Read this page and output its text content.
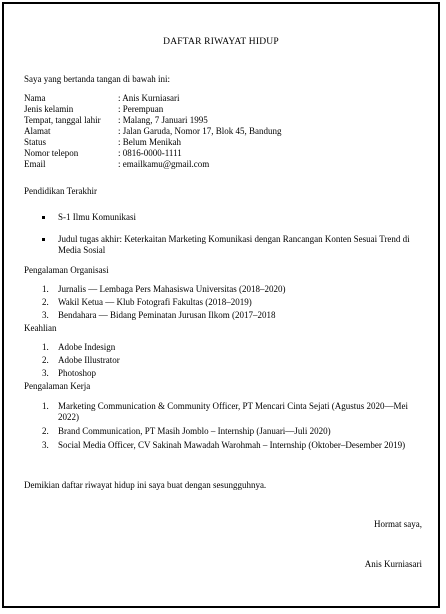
DAFTAR RIWAYAT HIDUP
Saya yang bertanda tangan di bawah ini:
Nama	: Anis Kurniasari
Jenis kelamin	: Perempuan
Tempat, tanggal lahir : Malang, 7 Januari 1995
Alamat	: Jalan Garuda, Nomor 17, Blok 45, Bandung
Status	: Belum Menikah
Nomor telepon	: 0816-0000-1111
Email	: emailkamu@gmail.com
Pendidikan Terakhir
S-1 Ilmu Komunikasi
Judul tugas akhir: Keterkaitan Marketing Komunikasi dengan Rancangan Konten Sesuai Trend di Media Sosial
Pengalaman Organisasi
1. Jurnalis — Lembaga Pers Mahasiswa Universitas (2018–2020)
2. Wakil Ketua — Klub Fotografi Fakultas (2018–2019)
3. Bendahara — Bidang Peminatan Jurusan Ilkom (2017–2018
Keahlian
1. Adobe Indesign
2. Adobe Illustrator
3. Photoshop
Pengalaman Kerja
1. Marketing Communication & Community Officer, PT Mencari Cinta Sejati (Agustus 2020—Mei 2022)
2. Brand Communication, PT Masih Jomblo – Internship (Januari—Juli 2020)
3. Social Media Officer, CV Sakinah Mawadah Warohmah – Internship (Oktober–Desember 2019)
Demikian daftar riwayat hidup ini saya buat dengan sesungguhnya.
Hormat saya,
Anis Kurniasari
